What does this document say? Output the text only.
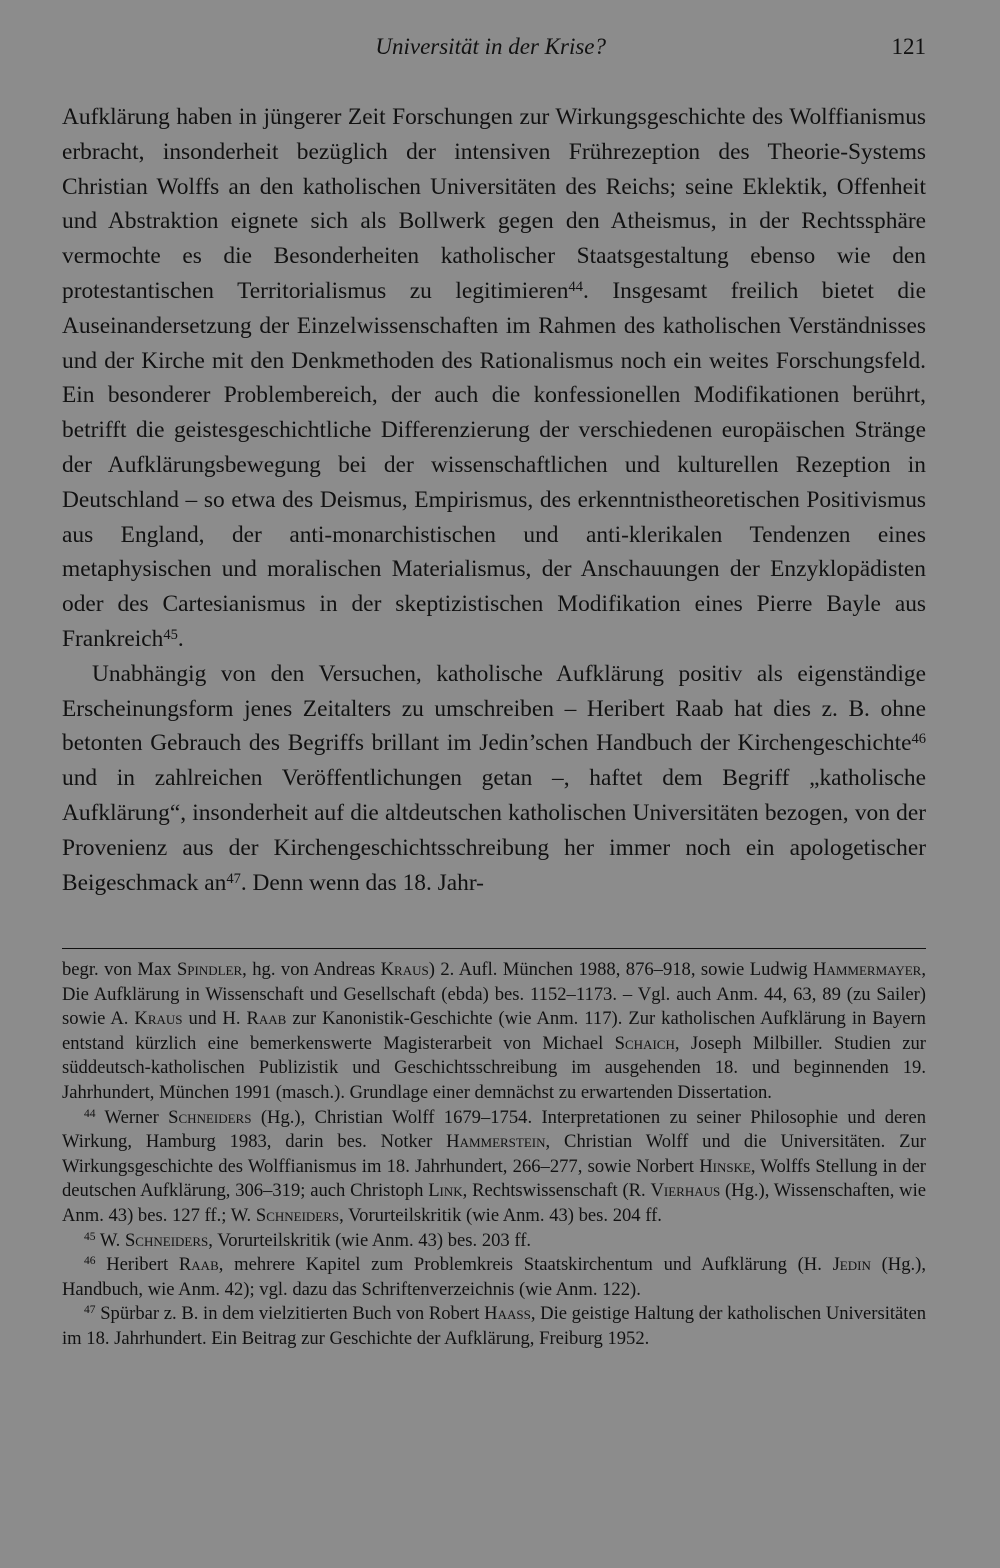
Universität in der Krise?	121

Aufklärung haben in jüngerer Zeit Forschungen zur Wirkungsgeschichte des Wolffianismus erbracht, insonderheit bezüglich der intensiven Frührezeption des Theorie-Systems Christian Wolffs an den katholischen Universitäten des Reichs; seine Eklektik, Offenheit und Abstraktion eignete sich als Bollwerk gegen den Atheismus, in der Rechtssphäre vermochte es die Besonderheiten katholischer Staatsgestaltung ebenso wie den protestantischen Territorialismus zu legitimieren$^{44}$. Insgesamt freilich bietet die Auseinandersetzung der Einzelwissenschaften im Rahmen des katholischen Verständnisses und der Kirche mit den Denkmethoden des Rationalismus noch ein weites Forschungsfeld. Ein besonderer Problembereich, der auch die konfessionellen Modifikationen berührt, betrifft die geistesgeschichtliche Differenzierung der verschiedenen europäischen Stränge der Aufklärungsbewegung bei der wissenschaftlichen und kulturellen Rezeption in Deutschland – so etwa des Deismus, Empirismus, des erkenntnistheoretischen Positivismus aus England, der anti-monarchistischen und anti-klerikalen Tendenzen eines metaphysischen und moralischen Materialismus, der Anschauungen der Enzyklopädisten oder des Cartesianismus in der skeptizistischen Modifikation eines Pierre Bayle aus Frankreich$^{45}$.

Unabhängig von den Versuchen, katholische Aufklärung positiv als eigenständige Erscheinungsform jenes Zeitalters zu umschreiben – Heribert Raab hat dies z. B. ohne betonten Gebrauch des Begriffs brillant im Jedin’schen Handbuch der Kirchengeschichte$^{46}$ und in zahlreichen Veröffentlichungen getan –, haftet dem Begriff „katholische Aufklärung“, insonderheit auf die altdeutschen katholischen Universitäten bezogen, von der Provenienz aus der Kirchengeschichtsschreibung her immer noch ein apologetischer Beigeschmack $an^{47}$. Denn wenn das 18. Jahr-

begr. von Max Spindler, hg. von Andreas Kraus) 2. Aufl. München 1988, 876–918, sowie Ludwig Hammermayer, Die Aufklärung in Wissenschaft und Gesellschaft (ebda) bes. 1152–1173. – Vgl. auch Anm. 44, 63, 89 (zu Sailer) sowie A. Kraus und H. Raab zur Kanonistik-Geschichte (wie Anm. 117). Zur katholischen Aufklärung in Bayern entstand kürzlich eine bemerkenswerte Magisterarbeit von Michael Schaich, Joseph Milbiller. Studien zur süddeutsch-katholischen Publizistik und Geschichtsschreibung im ausgehenden 18. und beginnenden 19. Jahrhundert, München 1991 (masch.). Grundlage einer demnächst zu erwartenden Dissertation.

$^{44}$ Werner Schneiders (Hg.), Christian Wolff 1679–1754. Interpretationen zu seiner Philosophie und deren Wirkung, Hamburg 1983, darin bes. Notker Hammerstein, Christian Wolff und die Universitäten. Zur Wirkungsgeschichte des Wolffianismus im 18. Jahrhundert, 266–277, sowie Norbert Hinske, Wolffs Stellung in der deutschen Aufklärung, 306–319; auch Christoph Link, Rechtswissenschaft (R. Vierhaus (Hg.), Wissenschaften, wie Anm. 43) bes. 127 ff.; W. Schneiders, Vorurteilskritik (wie Anm. 43) bes. 204 ff.

$^{45}$ W. Schneiders, Vorurteilskritik (wie Anm. 43) bes. 203 ff.

$^{46}$ Heribert Raab, mehrere Kapitel zum Problemkreis Staatskirchentum und Aufklärung (H. Jedin (Hg.), Handbuch, wie Anm. 42); vgl. dazu das Schriftenverzeichnis (wie Anm. 122).

$^{47}$ Spürbar z. B. in dem vielzitierten Buch von Robert Haass, Die geistige Haltung der katholischen Universitäten im 18. Jahrhundert. Ein Beitrag zur Geschichte der Aufklärung, Freiburg 1952.
